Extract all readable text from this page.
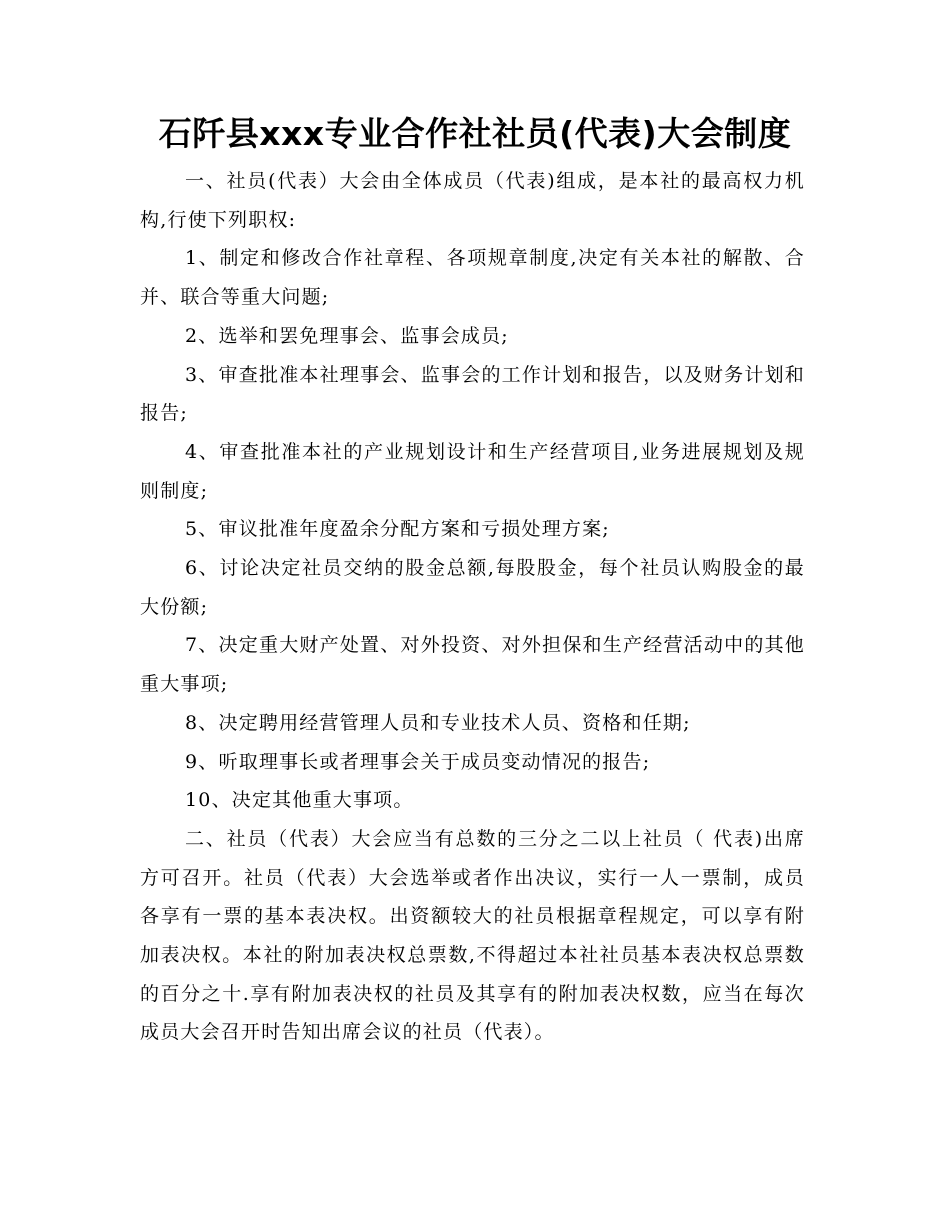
石阡县xxx专业合作社社员(代表)大会制度

一、社员(代表）大会由全体成员（代表)组成，是本社的最高权力机构,行使下列职权:

1、制定和修改合作社章程、各项规章制度,决定有关本社的解散、合并、联合等重大问题;

2、选举和罢免理事会、监事会成员;

3、审查批准本社理事会、监事会的工作计划和报告，以及财务计划和报告;

4、审查批准本社的产业规划设计和生产经营项目,业务进展规划及规则制度;

5、审议批准年度盈余分配方案和亏损处理方案;

6、讨论决定社员交纳的股金总额,每股股金，每个社员认购股金的最大份额;

7、决定重大财产处置、对外投资、对外担保和生产经营活动中的其他重大事项;

8、决定聘用经营管理人员和专业技术人员、资格和任期;

9、听取理事长或者理事会关于成员变动情况的报告;

10、决定其他重大事项。

二、社员（代表）大会应当有总数的三分之二以上社员（ 代表)出席方可召开。社员（代表）大会选举或者作出决议，实行一人一票制，成员各享有一票的基本表决权。出资额较大的社员根据章程规定，可以享有附加表决权。本社的附加表决权总票数,不得超过本社社员基本表决权总票数的百分之十.享有附加表决权的社员及其享有的附加表决权数，应当在每次成员大会召开时告知出席会议的社员（代表）。
